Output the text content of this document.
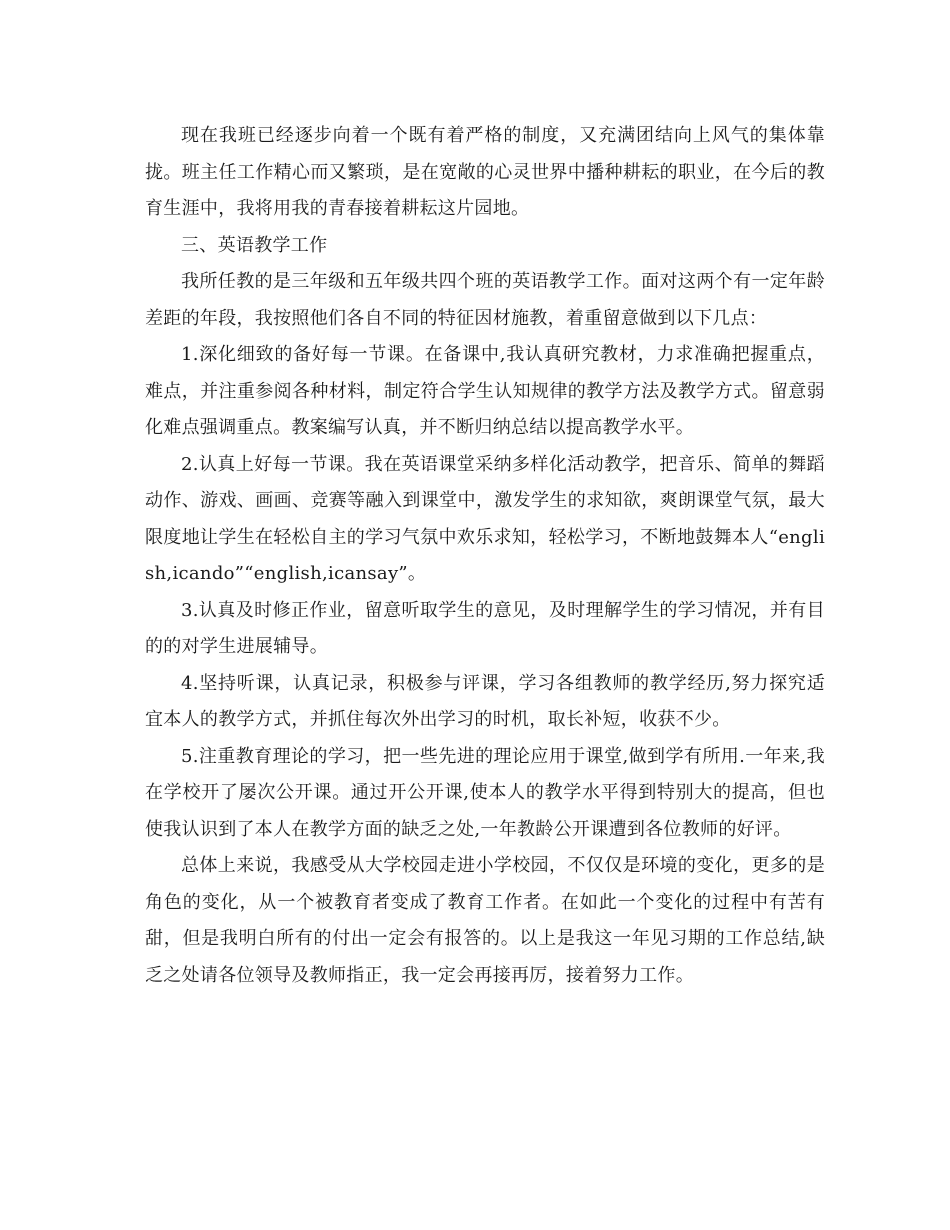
现在我班已经逐步向着一个既有着严格的制度，又充满团结向上风气的集体靠拢。班主任工作精心而又繁琐，是在宽敞的心灵世界中播种耕耘的职业，在今后的教育生涯中，我将用我的青春接着耕耘这片园地。

三、英语教学工作

我所任教的是三年级和五年级共四个班的英语教学工作。面对这两个有一定年龄差距的年段，我按照他们各自不同的特征因材施教，着重留意做到以下几点：

1.深化细致的备好每一节课。在备课中,我认真研究教材，力求准确把握重点，难点，并注重参阅各种材料，制定符合学生认知规律的教学方法及教学方式。留意弱化难点强调重点。教案编写认真，并不断归纳总结以提高教学水平。

2.认真上好每一节课。我在英语课堂采纳多样化活动教学，把音乐、简单的舞蹈动作、游戏、画画、竞赛等融入到课堂中，激发学生的求知欲，爽朗课堂气氛，最大限度地让学生在轻松自主的学习气氛中欢乐求知，轻松学习，不断地鼓舞本人“english,icando”“english,icansay”。

3.认真及时修正作业，留意听取学生的意见，及时理解学生的学习情况，并有目的的对学生进展辅导。

4.坚持听课，认真记录，积极参与评课，学习各组教师的教学经历,努力探究适宜本人的教学方式，并抓住每次外出学习的时机，取长补短，收获不少。

5.注重教育理论的学习，把一些先进的理论应用于课堂,做到学有所用.一年来,我在学校开了屡次公开课。通过开公开课,使本人的教学水平得到特别大的提高，但也使我认识到了本人在教学方面的缺乏之处,一年教龄公开课遭到各位教师的好评。

总体上来说，我感受从大学校园走进小学校园，不仅仅是环境的变化，更多的是角色的变化，从一个被教育者变成了教育工作者。在如此一个变化的过程中有苦有甜，但是我明白所有的付出一定会有报答的。以上是我这一年见习期的工作总结,缺乏之处请各位领导及教师指正，我一定会再接再厉，接着努力工作。
